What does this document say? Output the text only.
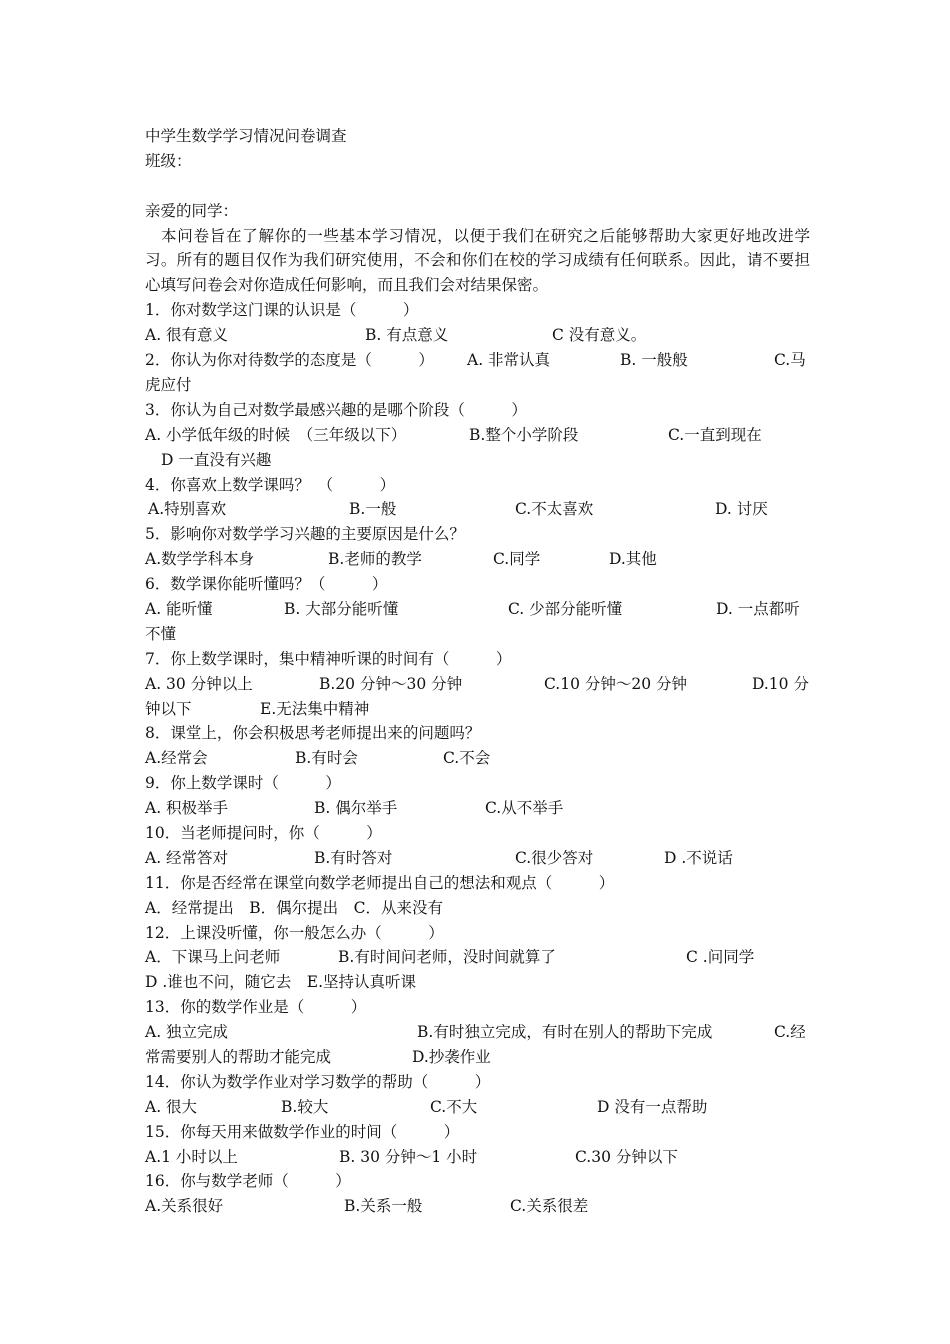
中学生数学学习情况问卷调查
班级：
亲爱的同学：
本问卷旨在了解你的一些基本学习情况，以便于我们在研究之后能够帮助大家更好地改进学习。所有的题目仅作为我们研究使用，不会和你们在校的学习成绩有任何联系。因此，请不要担心填写问卷会对你造成任何影响，而且我们会对结果保密。
1．你对数学这门课的认识是（　　　）
A. 很有意义	B. 有点意义	C 没有意义。
2．你认为你对待数学的态度是（　　　） A. 非常认真	B. 一般般	C.马
虎应付
3．你认为自己对数学最感兴趣的是哪个阶段（　　　）
A. 小学低年级的时候　（三年级以下）	B.整个小学阶段	C.一直到现在
D 一直没有兴趣
4．你喜欢上数学课吗？　（　　　）
A.特别喜欢	B.一般	C.不太喜欢	D. 讨厌
5．影响你对数学学习兴趣的主要原因是什么？
A.数学学科本身	B.老师的教学	C.同学	D.其他
6．数学课你能听懂吗？（　　　）
A. 能听懂	B. 大部分能听懂	C. 少部分能听懂	D. 一点都听
不懂
7．你上数学课时，集中精神听课的时间有（　　　）
A. 30 分钟以上	B.20 分钟～30 分钟	C.10 分钟～20 分钟	D.10 分
钟以下	E.无法集中精神
8．课堂上，你会积极思考老师提出来的问题吗？
A.经常会	B.有时会	C.不会
9．你上数学课时（　　　）
A. 积极举手	B. 偶尔举手	C.从不举手
10．当老师提问时，你（　　　）
A. 经常答对	B.有时答对	C.很少答对	D .不说话
11．你是否经常在课堂向数学老师提出自己的想法和观点（　　　）
A．经常提出　B．偶尔提出　C．从来没有
12．上课没听懂，你一般怎么办（　　　）
A．下课马上问老师	B.有时间问老师，没时间就算了	C .问同学
D .谁也不问，随它去　E.坚持认真听课
13．你的数学作业是（　　　）
A. 独立完成	B.有时独立完成，有时在别人的帮助下完成	C.经
常需要别人的帮助才能完成	D.抄袭作业
14．你认为数学作业对学习数学的帮助（　　　）
A. 很大	B.较大	C.不大	D 没有一点帮助
15．你每天用来做数学作业的时间（　　　）
A.1 小时以上	B. 30 分钟～1 小时	C.30 分钟以下
16．你与数学老师（　　　）
A.关系很好	B.关系一般	C.关系很差
